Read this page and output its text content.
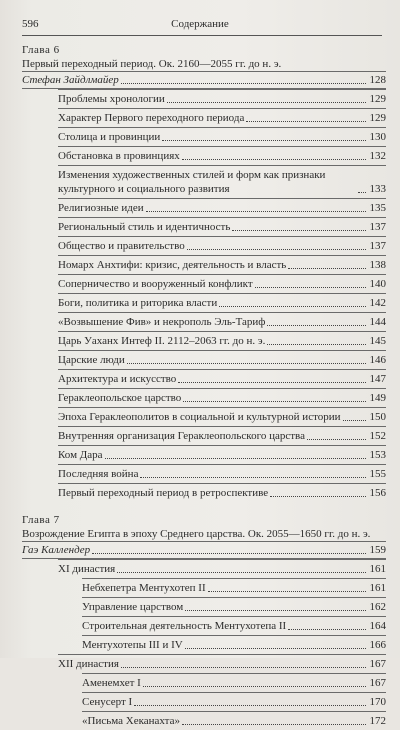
596	Содержание
Глава 6
Первый переходный период. Ок. 2160—2055 гг. до н. э.
Стефан Зайдлмайер	128
Проблемы хронологии	129
Характер Первого переходного периода	129
Столица и провинции	130
Обстановка в провинциях	132
Изменения художественных стилей и форм как признаки культурного и социального развития	133
Религиозные идеи	135
Региональный стиль и идентичность	137
Общество и правительство	137
Номарх Анхтифи: кризис, деятельность и власть	138
Соперничество и вооруженный конфликт	140
Боги, политика и риторика власти	142
«Возвышение Фив» и некрополь Эль-Тариф	144
Царь Уаханх Интеф II. 2112–2063 гг. до н. э.	145
Царские люди	146
Архитектура и искусство	147
Гераклеопольское царство	149
Эпоха Гераклеополитов в социальной и культурной истории	150
Внутренняя организация Гераклеопольского царства	152
Ком Дара	153
Последняя война	155
Первый переходный период в ретроспективе	156
Глава 7
Возрождение Египта в эпоху Среднего царства. Ок. 2055—1650 гг. до н. э.
Гаэ Каллендер	159
XI династия	161
Небхепетра Ментухотеп II	161
Управление царством	162
Строительная деятельность Ментухотепа II	164
Ментухотепы III и IV	166
XII династия	167
Аменемхет I	167
Сенусерт I	170
«Письма Хеканахта»	172
